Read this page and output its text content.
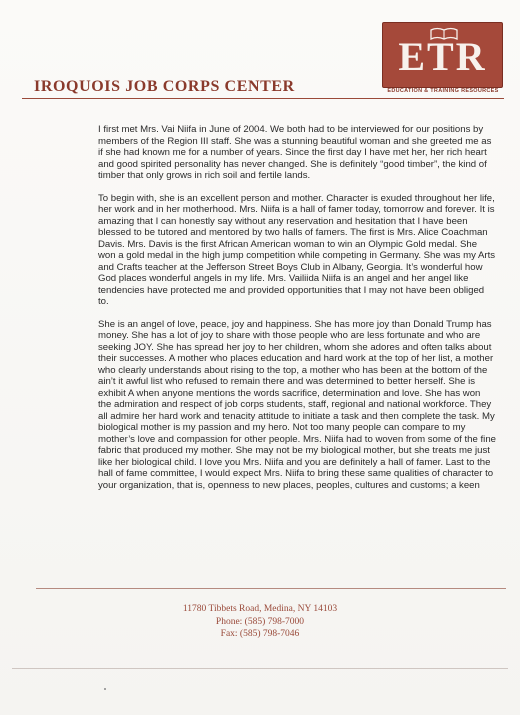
IROQUOIS JOB CORPS CENTER
ETR
EDUCATION & TRAINING RESOURCES

I first met Mrs. Vai Niifa in June of 2004. We both had to be interviewed for our positions by members of the Region III staff. She was a stunning beautiful woman and she greeted me as if she had known me for a number of years. Since the first day I have met her, her rich heart and good spirited personality has never changed. She is definitely “good timber”, the kind of timber that only grows in rich soil and fertile lands.

To begin with, she is an excellent person and mother. Character is exuded throughout her life, her work and in her motherhood. Mrs. Niifa is a hall of famer today, tomorrow and forever. It is amazing that I can honestly say without any reservation and hesitation that I have been blessed to be tutored and mentored by two halls of famers. The first is Mrs. Alice Coachman Davis. Mrs. Davis is the first African American woman to win an Olympic Gold medal. She won a gold medal in the high jump competition while competing in Germany. She was my Arts and Crafts teacher at the Jefferson Street Boys Club in Albany, Georgia. It’s wonderful how God places wonderful angels in my life. Mrs. Vailiida Niifa is an angel and her angel like tendencies have protected me and provided opportunities that I may not have been obliged to.

She is an angel of love, peace, joy and happiness. She has more joy than Donald Trump has money. She has a lot of joy to share with those people who are less fortunate and who are seeking JOY. She has spread her joy to her children, whom she adores and often talks about their successes. A mother who places education and hard work at the top of her list, a mother who clearly understands about rising to the top, a mother who has been at the bottom of the ain’t it awful list who refused to remain there and was determined to better herself. She is exhibit A when anyone mentions the words sacrifice, determination and love. She has won the admiration and respect of job corps students, staff, regional and national workforce. They all admire her hard work and tenacity attitude to initiate a task and then complete the task. My biological mother is my passion and my hero. Not too many people can compare to my mother’s love and compassion for other people. Mrs. Niifa had to woven from some of the fine fabric that produced my mother. She may not be my biological mother, but she treats me just like her biological child. I love you Mrs. Niifa and you are definitely a hall of famer. Last to the hall of fame committee, I would expect Mrs. Niifa to bring these same qualities of character to your organization, that is, openness to new places, peoples, cultures and customs; a keen

11780 Tibbets Road, Medina, NY 14103
Phone: (585) 798-7000
Fax: (585) 798-7046
